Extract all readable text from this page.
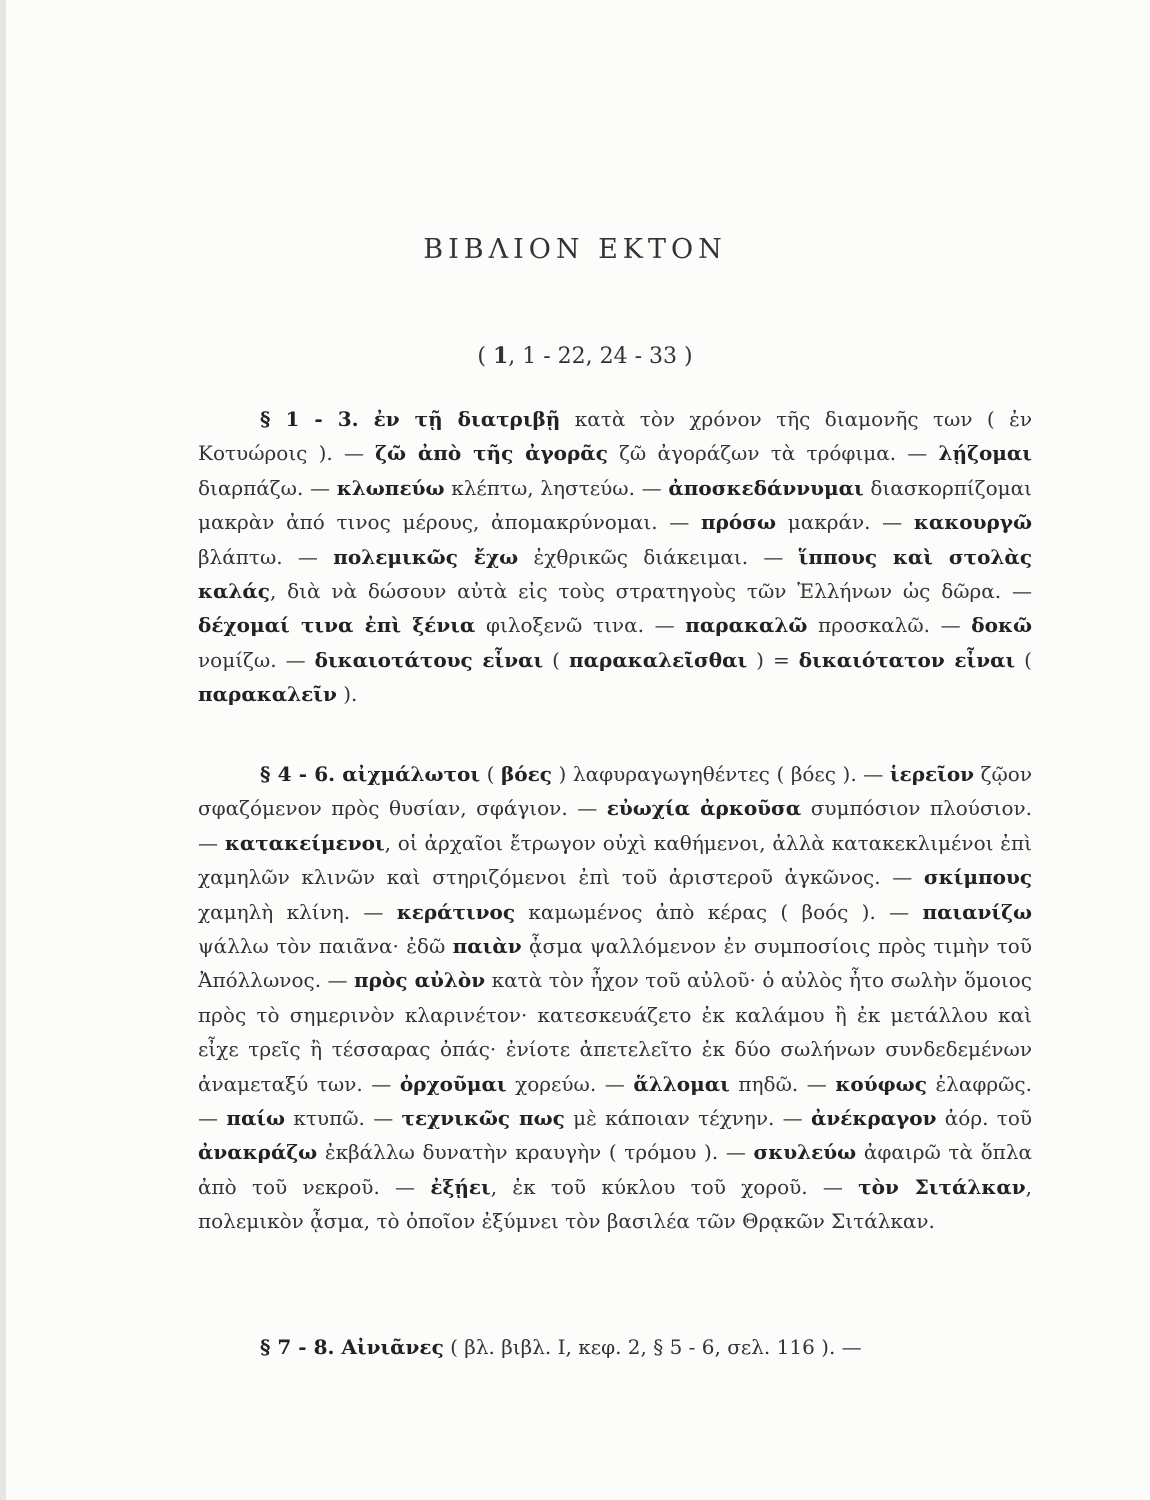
ΒΙΒΛΙΟΝ ΕΚΤΟΝ
( 1, 1 - 22, 24 - 33 )
§ 1 - 3. ἐν τῇ διατριβῇ κατὰ τὸν χρόνον τῆς διαμονῆς των ( ἐν Κοτυώροις ). — ζῶ ἀπὸ τῆς ἀγορᾶς ζῶ ἀγοράζων τὰ τρόφιμα. — λῄζομαι διαρπάζω. — κλωπεύω κλέπτω, ληστεύω. — ἀποσκεδάννυμαι διασκορπίζομαι μακρὰν ἀπό τινος μέρους, ἀπομακρύνομαι. — πρόσω μακράν. — κακουργῶ βλάπτω. — πολεμικῶς ἔχω ἐχθρικῶς διάκειμαι. — ἵππους καὶ στολὰς καλάς, διὰ νὰ δώσουν αὐτὰ εἰς τοὺς στρατηγοὺς τῶν Ἑλλήνων ὡς δῶρα. — δέχομαί τινα ἐπὶ ξένια φιλοξενῶ τινα. — παρακαλῶ προσκαλῶ. — δοκῶ νομίζω. — δικαιοτάτους εἶναι ( παρακαλεῖσθαι ) = δικαιότατον εἶναι ( παρακαλεῖν ).
§ 4 - 6. αἰχμάλωτοι ( βόες ) λαφυραγωγηθέντες ( βόες ). — ἱερεῖον ζῷον σφαζόμενον πρὸς θυσίαν, σφάγιον. — εὐωχία ἀρκοῦσα συμπόσιον πλούσιον. — κατακείμενοι, οἱ ἀρχαῖοι ἔτρωγον οὐχὶ καθήμενοι, ἀλλὰ κατακεκλιμένοι ἐπὶ χαμηλῶν κλινῶν καὶ στηριζόμενοι ἐπὶ τοῦ ἀριστεροῦ ἀγκῶνος. — σκίμπους χαμηλὴ κλίνη. — κεράτινος καμωμένος ἀπὸ κέρας ( βοός ). — παιανίζω ψάλλω τὸν παιᾶνα· ἐδῶ παιὰν ᾆσμα ψαλλόμενον ἐν συμποσίοις πρὸς τιμὴν τοῦ Ἀπόλλωνος. — πρὸς αὐλὸν κατὰ τὸν ἦχον τοῦ αὐλοῦ· ὁ αὐλὸς ἦτο σωλὴν ὅμοιος πρὸς τὸ σημερινὸν κλαρινέτον· κατεσκευάζετο ἐκ καλάμου ἢ ἐκ μετάλλου καὶ εἶχε τρεῖς ἢ τέσσαρας ὀπάς· ἐνίοτε ἀπετελεῖτο ἐκ δύο σωλήνων συνδεδεμένων ἀναμεταξύ των. — ὀρχοῦμαι χορεύω. — ἅλλομαι πηδῶ. — κούφως ἐλαφρῶς. — παίω κτυπῶ. — τεχνικῶς πως μὲ κάποιαν τέχνην. — ἀνέκραγον ἀόρ. τοῦ ἀνακράζω ἐκβάλλω δυνατὴν κραυγὴν ( τρόμου ). — σκυλεύω ἀφαιρῶ τὰ ὅπλα ἀπὸ τοῦ νεκροῦ. — ἐξῄει, ἐκ τοῦ κύκλου τοῦ χοροῦ. — τὸν Σιτάλκαν, πολεμικὸν ᾆσμα, τὸ ὁποῖον ἐξύμνει τὸν βασιλέα τῶν Θρᾳκῶν Σιτάλκαν.
§ 7 - 8. Αἰνιᾶνες ( βλ. βιβλ. Ι, κεφ. 2, § 5 - 6, σελ. 116 ). —
